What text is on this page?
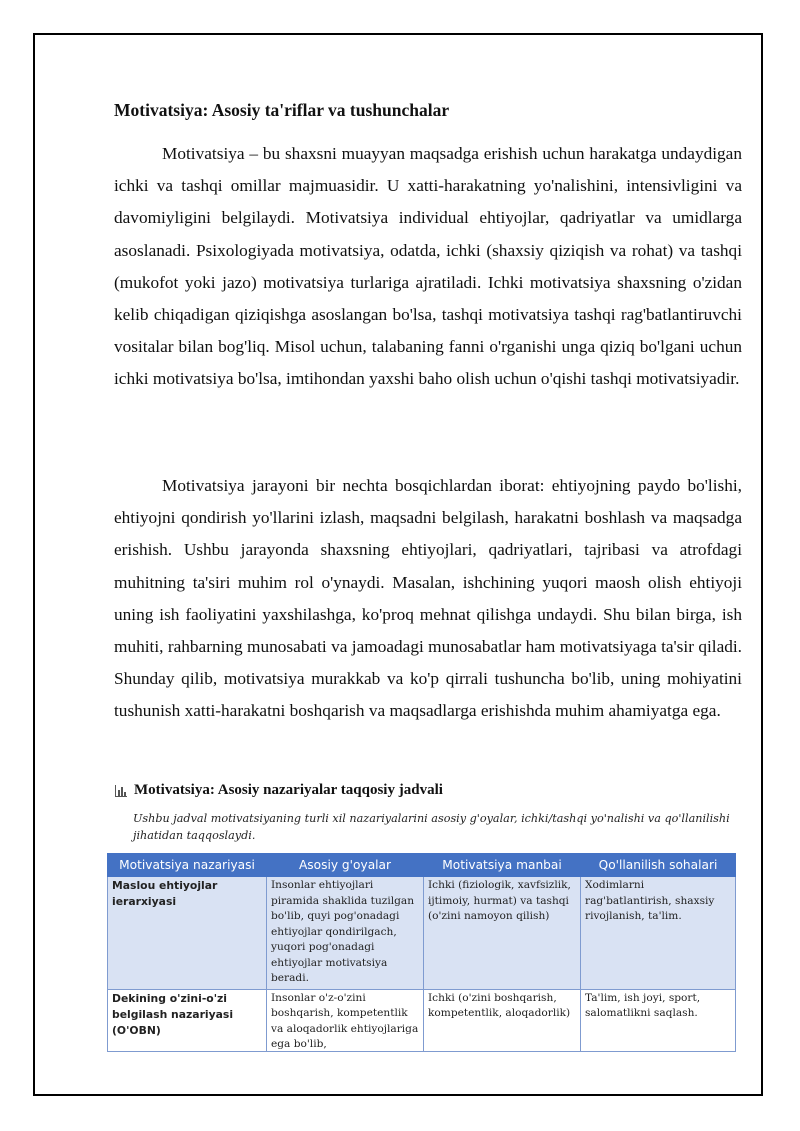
Motivatsiya: Asosiy ta'riflar va tushunchalar

Motivatsiya – bu shaxsni muayyan maqsadga erishish uchun harakatga undaydigan ichki va tashqi omillar majmuasidir. U xatti-harakatning yo'nalishini, intensivligini va davomiyligini belgilaydi. Motivatsiya individual ehtiyojlar, qadriyatlar va umidlarga asoslanadi. Psixologiyada motivatsiya, odatda, ichki (shaxsiy qiziqish va rohat) va tashqi (mukofot yoki jazo) motivatsiya turlariga ajratiladi. Ichki motivatsiya shaxsning o'zidan kelib chiqadigan qiziqishga asoslangan bo'lsa, tashqi motivatsiya tashqi rag'batlantiruvchi vositalar bilan bog'liq. Misol uchun, talabaning fanni o'rganishi unga qiziq bo'lgani uchun ichki motivatsiya bo'lsa, imtihondan yaxshi baho olish uchun o'qishi tashqi motivatsiyadir.

Motivatsiya jarayoni bir nechta bosqichlardan iborat: ehtiyojning paydo bo'lishi, ehtiyojni qondirish yo'llarini izlash, maqsadni belgilash, harakatni boshlash va maqsadga erishish. Ushbu jarayonda shaxsning ehtiyojlari, qadriyatlari, tajribasi va atrofdagi muhitning ta'siri muhim rol o'ynaydi. Masalan, ishchining yuqori maosh olish ehtiyoji uning ish faoliyatini yaxshilashga, ko'proq mehnat qilishga undaydi. Shu bilan birga, ish muhiti, rahbarning munosabati va jamoadagi munosabatlar ham motivatsiyaga ta'sir qiladi. Shunday qilib, motivatsiya murakkab va ko'p qirrali tushuncha bo'lib, uning mohiyatini tushunish xatti-harakatni boshqarish va maqsadlarga erishishda muhim ahamiyatga ega.

Motivatsiya: Asosiy nazariyalar taqqosiy jadvali
Ushbu jadval motivatsiyaning turli xil nazariyalarini asosiy g'oyalar, ichki/tashqi yo'nalishi va qo'llanilishi jihatidan taqqoslaydi.
Motivatsiya nazariyasi	Asosiy g'oyalar	Motivatsiya manbai	Qo'llanilish sohalari
Maslou ehtiyojlar ierarxiyasi	Insonlar ehtiyojlari piramida shaklida tuzilgan bo'lib, quyi pog'onadagi ehtiyojlar qondirilgach, yuqori pog'onadagi ehtiyojlar motivatsiya beradi.	Ichki (fiziologik, xavfsizlik, ijtimoiy, hurmat) va tashqi (o'zini namoyon qilish)	Xodimlarni rag'batlantirish, shaxsiy rivojlanish, ta'lim.

Dekining o'zini-o'zi belgilash nazariyasi (O'OBN)	Insonlar o'z-o'zini boshqarish, kompetentlik va aloqadorlik ehtiyojlariga ega bo'lib,	Ichki (o'zini boshqarish, kompetentlik, aloqadorlik)	Ta'lim, ish joyi, sport, salomatlikni saqlash.
